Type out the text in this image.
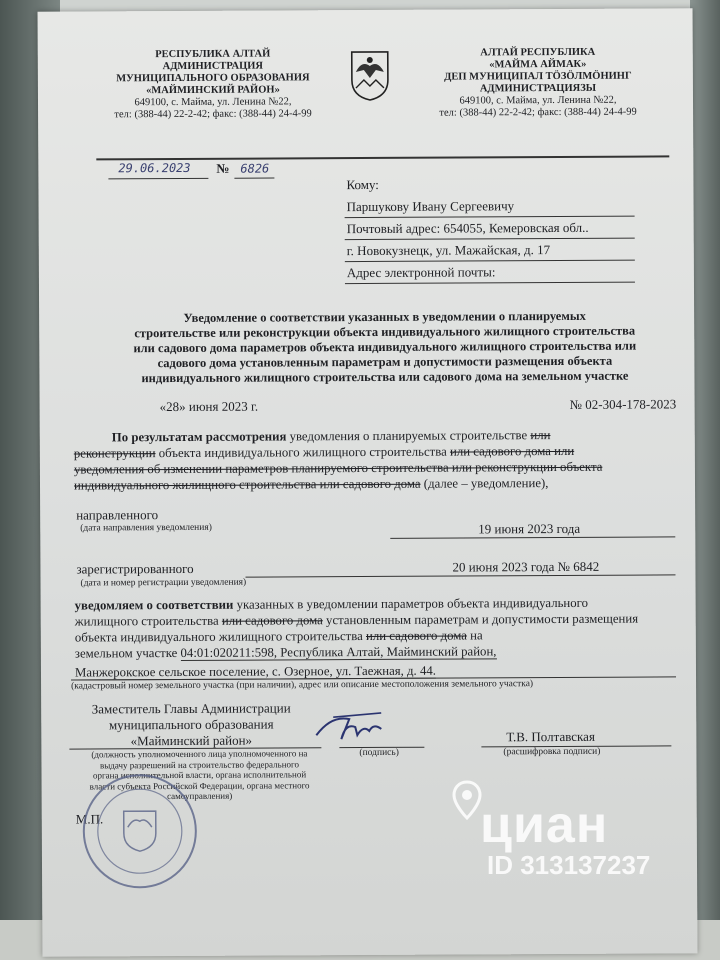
РЕСПУБЛИКА АЛТАЙ
АДМИНИСТРАЦИЯ
МУНИЦИПАЛЬНОГО ОБРАЗОВАНИЯ
«МАЙМИНСКИЙ РАЙОН»
649100, с. Майма, ул. Ленина №22,
тел: (388-44) 22-2-42; факс: (388-44) 24-4-99
АЛТАЙ РЕСПУБЛИКА
«МАЙМА АЙМАК»
ДЕП МУНИЦИПАЛ ТÖЗÖЛМÖНИНГ
АДМИНИСТРАЦИЯЗЫ
649100, с. Майма, ул. Ленина №22,
тел: (388-44) 22-2-42; факс: (388-44) 24-4-99
29.06.2023 № 6826
Кому:
Паршукову Ивану Сергеевичу
Почтовый адрес: 654055, Кемеровская обл..
г. Новокузнецк, ул. Мажайская, д. 17
Адрес электронной почты:
Уведомление о соответствии указанных в уведомлении о планируемых
строительстве или реконструкции объекта индивидуального жилищного строительства
или садового дома параметров объекта индивидуального жилищного строительства или
садового дома установленным параметрам и допустимости размещения объекта
индивидуального жилищного строительства или садового дома на земельном участке
«28» июня 2023 г.	№ 02-304-178-2023
По результатам рассмотрения уведомления о планируемых строительстве или
реконструкции объекта индивидуального жилищного строительства или садового дома или
уведомления об изменении параметров планируемого строительства или реконструкции объекта
индивидуального жилищного строительства или садового дома (далее – уведомление),
направленного
(дата направления уведомления)	19 июня 2023 года
зарегистрированного	20 июня 2023 года № 6842
(дата и номер регистрации уведомления)
уведомляем о соответствии указанных в уведомлении параметров объекта индивидуального
жилищного строительства или садового дома установленным параметрам и допустимости размещения
объекта индивидуального жилищного строительства или садового дома на
земельном участке 04:01:020211:598, Республика Алтай, Майминский район,
Манжерокское сельское поселение, с. Озерное, ул. Таежная, д. 44.
(кадастровый номер земельного участка (при наличии), адрес или описание местоположения земельного участка)
Заместитель Главы Администрации
муниципального образования
«Майминский район»
(должность уполномоченного лица уполномоченного на
выдачу разрешений на строительство федерального
органа исполнительной власти, органа исполнительной
власти субъекта Российской Федерации, органа местного
самоуправления)
(подпись)
Т.В. Полтавская
(расшифровка подписи)
М.П.	циан
ID 313137237
